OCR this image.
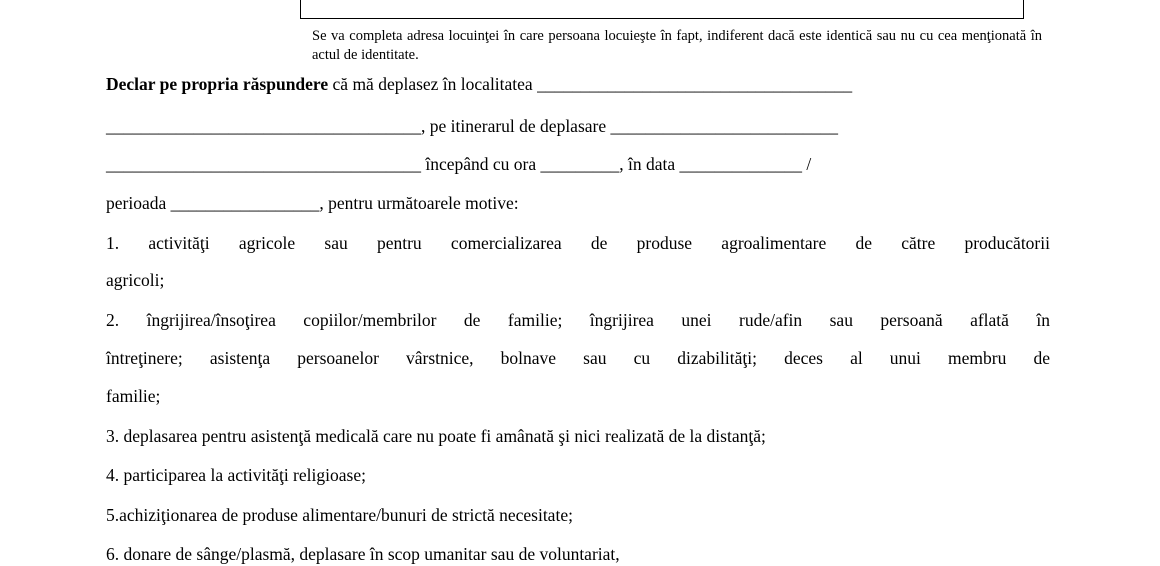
Se va completa adresa locuinţei în care persoana locuieşte în fapt, indiferent dacă este identică sau nu cu cea menţionată în actul de identitate.
Declar pe propria răspundere că mă deplasez în localitatea ____________________________________
____________________________________, pe itinerarul de deplasare __________________________
____________________________________ începând cu ora _________, în data ______________ /
perioada _________________, pentru următoarele motive:
1. activităţi agricole sau pentru comercializarea de produse agroalimentare de către producătorii
agricoli;
2. îngrijirea/însoţirea copiilor/membrilor de familie; îngrijirea unei rude/afin sau persoană aflată în
întreţinere; asistenţa persoanelor vârstnice, bolnave sau cu dizabilităţi; deces al unui membru de
familie;
3. deplasarea pentru asistenţă medicală care nu poate fi amânată şi nici realizată de la distanţă;
4. participarea la activităţi religioase;
5.achiziţionarea de produse alimentare/bunuri de strictă necesitate;
6. donare de sânge/plasmă, deplasare în scop umanitar sau de voluntariat,
